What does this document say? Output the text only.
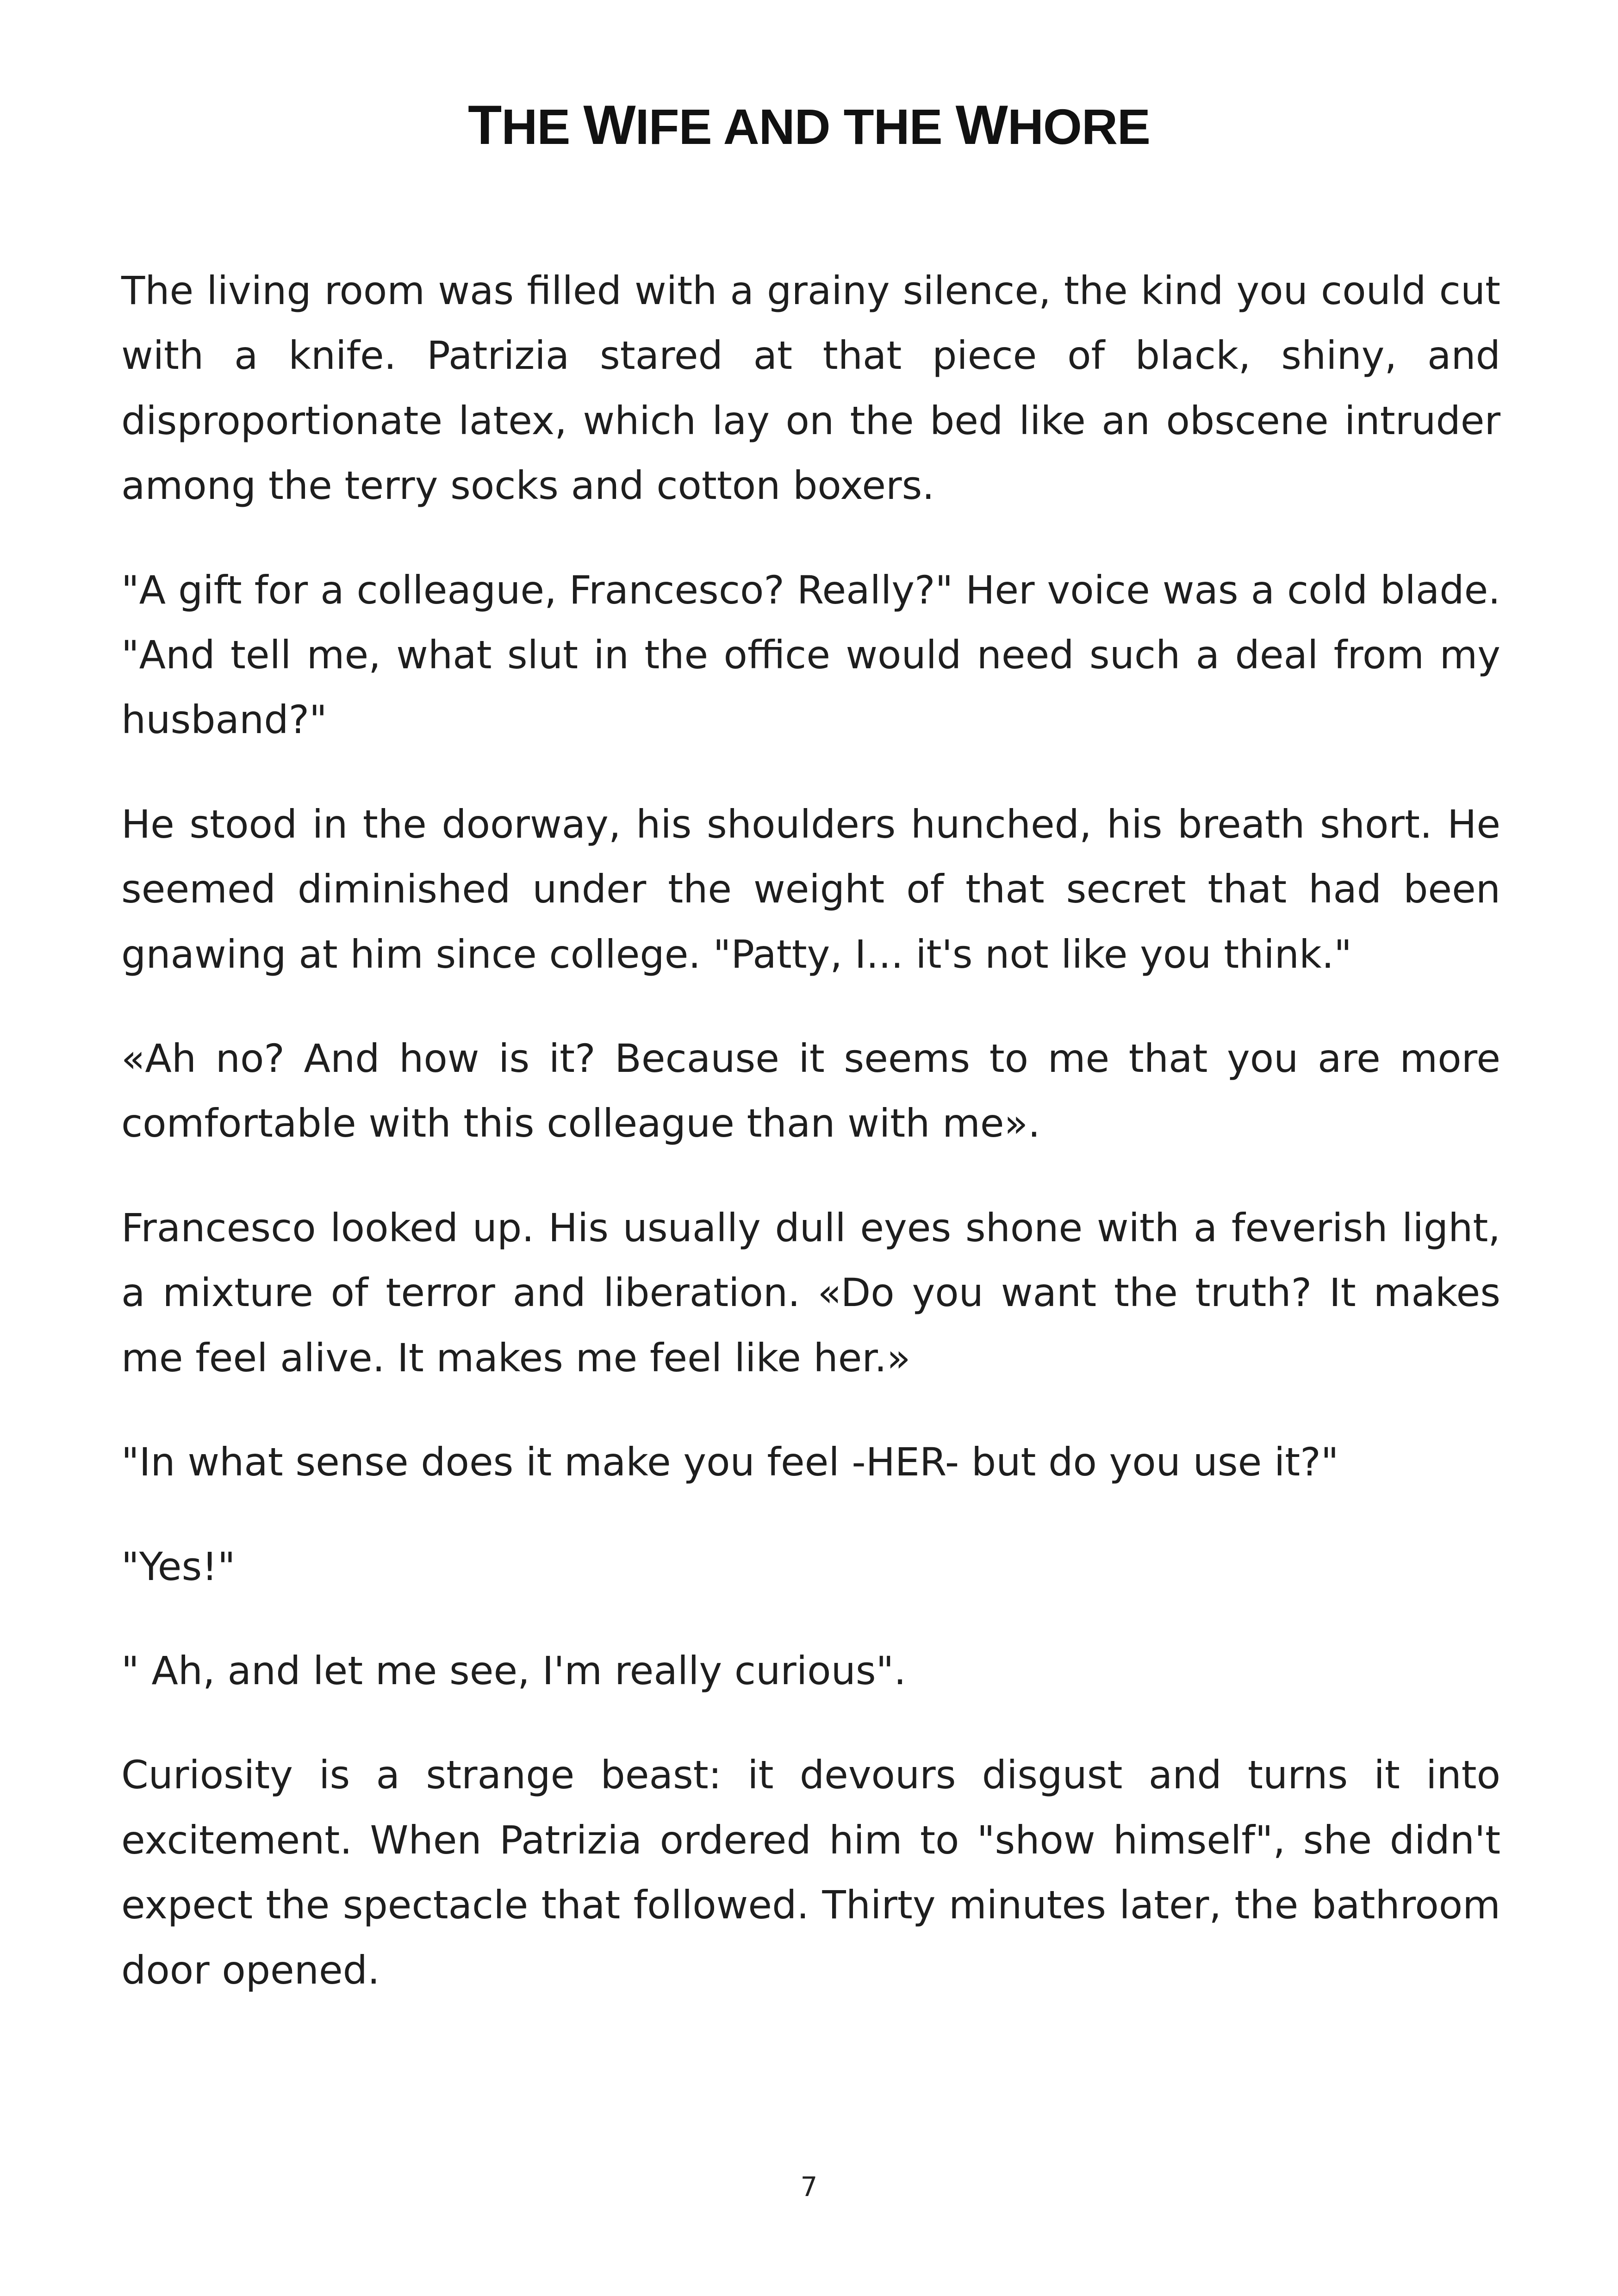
THE WIFE AND THE WHORE

The living room was filled with a grainy silence, the kind you could cut with a knife. Patrizia stared at that piece of black, shiny, and disproportionate latex, which lay on the bed like an obscene intruder among the terry socks and cotton boxers.

"A gift for a colleague, Francesco? Really?" Her voice was a cold blade. "And tell me, what slut in the office would need such a deal from my husband?"

He stood in the doorway, his shoulders hunched, his breath short. He seemed diminished under the weight of that secret that had been gnawing at him since college. "Patty, I... it's not like you think."

«Ah no? And how is it? Because it seems to me that you are more comfortable with this colleague than with me».

Francesco looked up. His usually dull eyes shone with a feverish light, a mixture of terror and liberation. «Do you want the truth? It makes me feel alive. It makes me feel like her.»

"In what sense does it make you feel -HER- but do you use it?"

"Yes!"

" Ah, and let me see, I'm really curious".

Curiosity is a strange beast: it devours disgust and turns it into excitement. When Patrizia ordered him to "show himself", she didn't expect the spectacle that followed. Thirty minutes later, the bathroom door opened.

7
